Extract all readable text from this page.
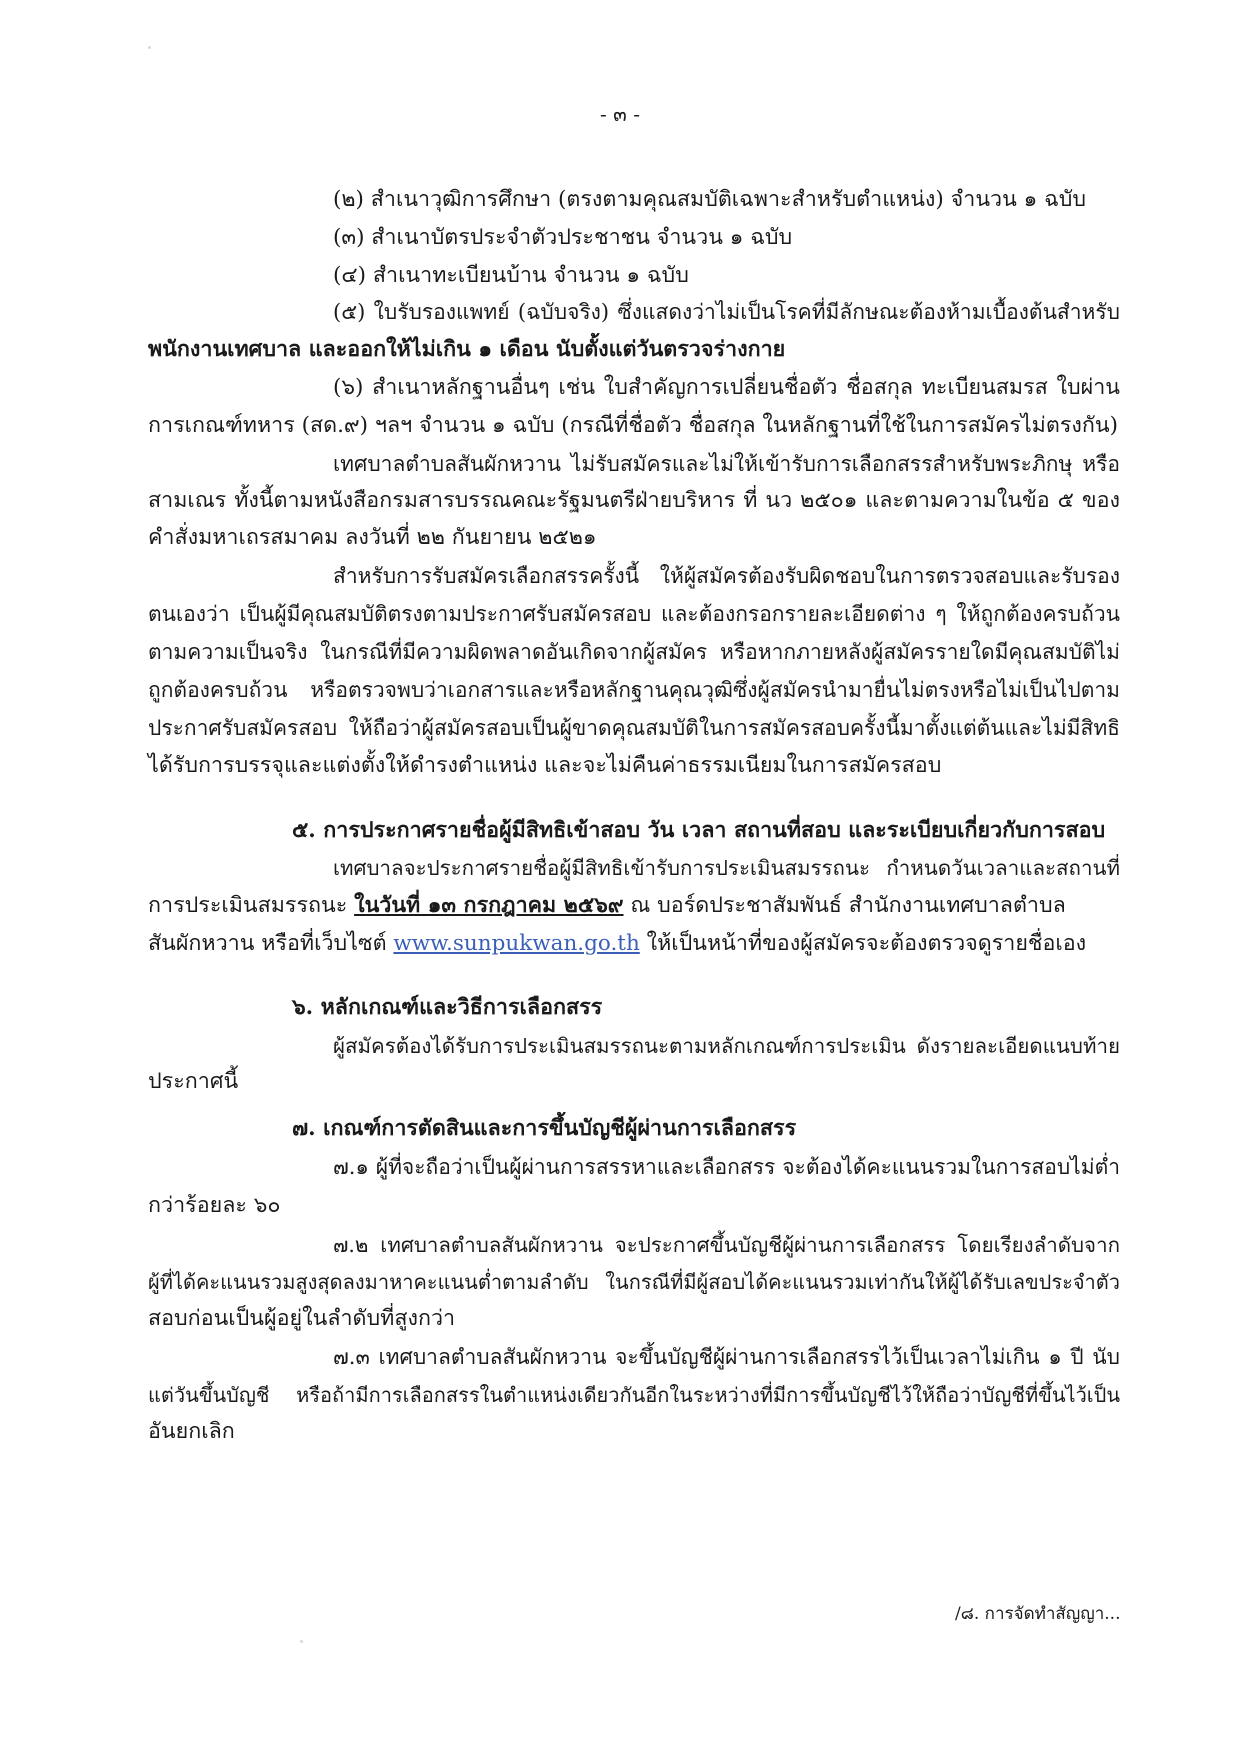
- ๓ -
(๒) สำเนาวุฒิการศึกษา (ตรงตามคุณสมบัติเฉพาะสำหรับตำแหน่ง) จำนวน ๑ ฉบับ
(๓) สำเนาบัตรประจำตัวประชาชน จำนวน ๑ ฉบับ
(๔) สำเนาทะเบียนบ้าน จำนวน ๑ ฉบับ
(๕) ใบรับรองแพทย์ (ฉบับจริง) ซึ่งแสดงว่าไม่เป็นโรคที่มีลักษณะต้องห้ามเบื้องต้นสำหรับ
พนักงานเทศบาล และออกให้ไม่เกิน ๑ เดือน นับตั้งแต่วันตรวจร่างกาย
(๖) สำเนาหลักฐานอื่นๆ เช่น ใบสำคัญการเปลี่ยนชื่อตัว ชื่อสกุล ทะเบียนสมรส ใบผ่าน
การเกณฑ์ทหาร (สด.๙) ฯลฯ จำนวน ๑ ฉบับ (กรณีที่ชื่อตัว ชื่อสกุล ในหลักฐานที่ใช้ในการสมัครไม่ตรงกัน)
เทศบาลตำบลสันผักหวาน ไม่รับสมัครและไม่ให้เข้ารับการเลือกสรรสำหรับพระภิกษุ หรือ
สามเณร ทั้งนี้ตามหนังสือกรมสารบรรณคณะรัฐมนตรีฝ่ายบริหาร ที่ นว ๒๕๐๑ และตามความในข้อ ๕ ของ
คำสั่งมหาเถรสมาคม ลงวันที่ ๒๒ กันยายน ๒๕๒๑
สำหรับการรับสมัครเลือกสรรครั้งนี้ ให้ผู้สมัครต้องรับผิดชอบในการตรวจสอบและรับรอง
ตนเองว่า เป็นผู้มีคุณสมบัติตรงตามประกาศรับสมัครสอบ และต้องกรอกรายละเอียดต่าง ๆ ให้ถูกต้องครบถ้วน
ตามความเป็นจริง ในกรณีที่มีความผิดพลาดอันเกิดจากผู้สมัคร หรือหากภายหลังผู้สมัครรายใดมีคุณสมบัติไม่
ถูกต้องครบถ้วน หรือตรวจพบว่าเอกสารและหรือหลักฐานคุณวุฒิซึ่งผู้สมัครนำมายื่นไม่ตรงหรือไม่เป็นไปตาม
ประกาศรับสมัครสอบ ให้ถือว่าผู้สมัครสอบเป็นผู้ขาดคุณสมบัติในการสมัครสอบครั้งนี้มาตั้งแต่ต้นและไม่มีสิทธิ
ได้รับการบรรจุและแต่งตั้งให้ดำรงตำแหน่ง และจะไม่คืนค่าธรรมเนียมในการสมัครสอบ
๕. การประกาศรายชื่อผู้มีสิทธิเข้าสอบ วัน เวลา สถานที่สอบ และระเบียบเกี่ยวกับการสอบ
เทศบาลจะประกาศรายชื่อผู้มีสิทธิเข้ารับการประเมินสมรรถนะ กำหนดวันเวลาและสถานที่
การประเมินสมรรถนะ ในวันที่ ๑๓ กรกฎาคม ๒๕๖๙ ณ บอร์ดประชาสัมพันธ์ สำนักงานเทศบาลตำบล
สันผักหวาน หรือที่เว็บไซต์ www.sunpukwan.go.th ให้เป็นหน้าที่ของผู้สมัครจะต้องตรวจดูรายชื่อเอง
๖. หลักเกณฑ์และวิธีการเลือกสรร
ผู้สมัครต้องได้รับการประเมินสมรรถนะตามหลักเกณฑ์การประเมิน ดังรายละเอียดแนบท้าย
ประกาศนี้
๗. เกณฑ์การตัดสินและการขึ้นบัญชีผู้ผ่านการเลือกสรร
๗.๑ ผู้ที่จะถือว่าเป็นผู้ผ่านการสรรหาและเลือกสรร จะต้องได้คะแนนรวมในการสอบไม่ต่ำ
กว่าร้อยละ ๖๐
๗.๒ เทศบาลตำบลสันผักหวาน จะประกาศขึ้นบัญชีผู้ผ่านการเลือกสรร โดยเรียงลำดับจาก
ผู้ที่ได้คะแนนรวมสูงสุดลงมาหาคะแนนต่ำตามลำดับ ในกรณีที่มีผู้สอบได้คะแนนรวมเท่ากันให้ผู้ได้รับเลขประจำตัว
สอบก่อนเป็นผู้อยู่ในลำดับที่สูงกว่า
๗.๓ เทศบาลตำบลสันผักหวาน จะขึ้นบัญชีผู้ผ่านการเลือกสรรไว้เป็นเวลาไม่เกิน ๑ ปี นับ
แต่วันขึ้นบัญชี หรือถ้ามีการเลือกสรรในตำแหน่งเดียวกันอีกในระหว่างที่มีการขึ้นบัญชีไว้ให้ถือว่าบัญชีที่ขึ้นไว้เป็น
อันยกเลิก
/๘. การจัดทำสัญญา...
